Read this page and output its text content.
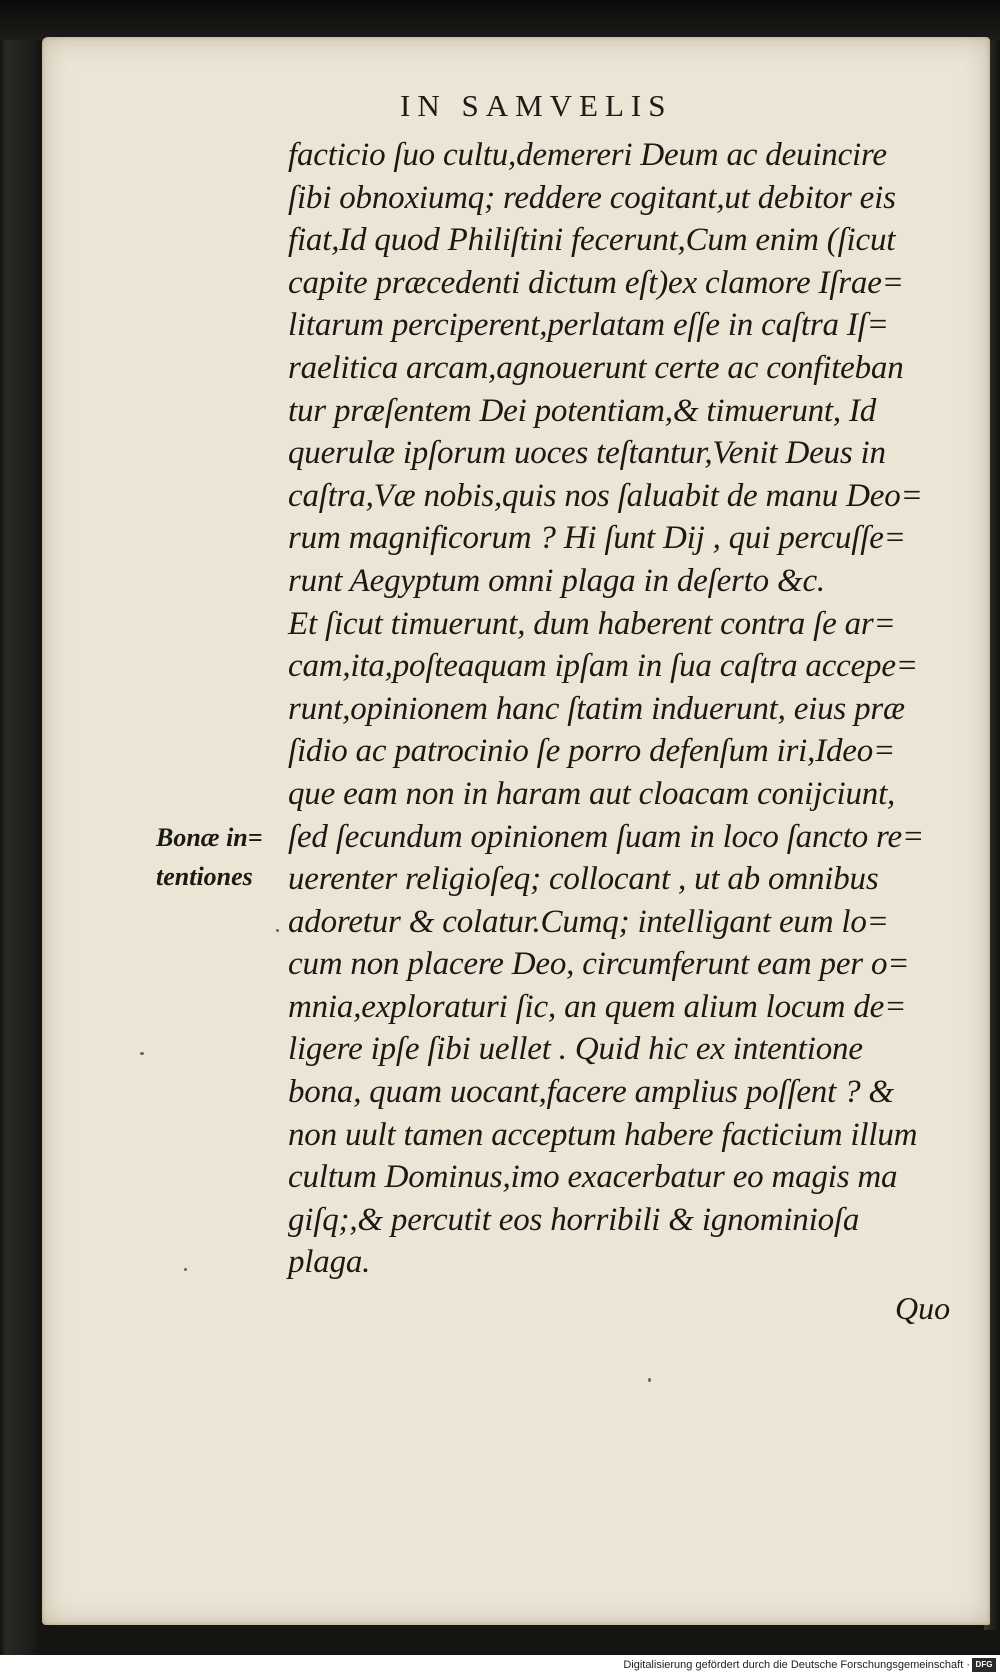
IN SAMVELIS
facticio ſuo cultu,demereri Deum ac deuincire
ſibi obnoxiumq; reddere cogitant,ut debitor eis
fiat,Id quod Philiſtini fecerunt,Cum enim (ſicut
capite præcedenti dictum eſt)ex clamore Iſrae=
litarum perciperent,perlatam eſſe in caſtra Iſ=
raelitica arcam,agnouerunt certe ac confiteban
tur præſentem Dei potentiam,& timuerunt, Id
querulæ ipſorum uoces teſtantur,Venit Deus in
caſtra,Væ nobis,quis nos ſaluabit de manu Deo=
rum magnificorum ? Hi ſunt Dij , qui percuſſe=
runt Aegyptum omni plaga in deſerto &c.
Et ſicut timuerunt, dum haberent contra ſe ar=
cam,ita,poſteaquam ipſam in ſua caſtra accepe=
runt,opinionem hanc ſtatim induerunt, eius præ
ſidio ac patrocinio ſe porro defenſum iri,Ideo=
que eam non in haram aut cloacam conijciunt,
ſed ſecundum opinionem ſuam in loco ſancto re=
uerenter religioſeq; collocant , ut ab omnibus
adoretur & colatur.Cumq; intelligant eum lo=
cum non placere Deo, circumferunt eam per o=
mnia,exploraturi ſic, an quem alium locum de=
ligere ipſe ſibi uellet . Quid hic ex intentione
bona, quam uocant,facere amplius poſſent ? &
non uult tamen acceptum habere facticium illum
cultum Dominus,imo exacerbatur eo magis ma
giſq;,& percutit eos horribili & ignominioſa
plaga.
Bonæ in=
tentiones
Quo
Digitalisierung gefördert durch die Deutsche Forschungsgemeinschaft · DFG
